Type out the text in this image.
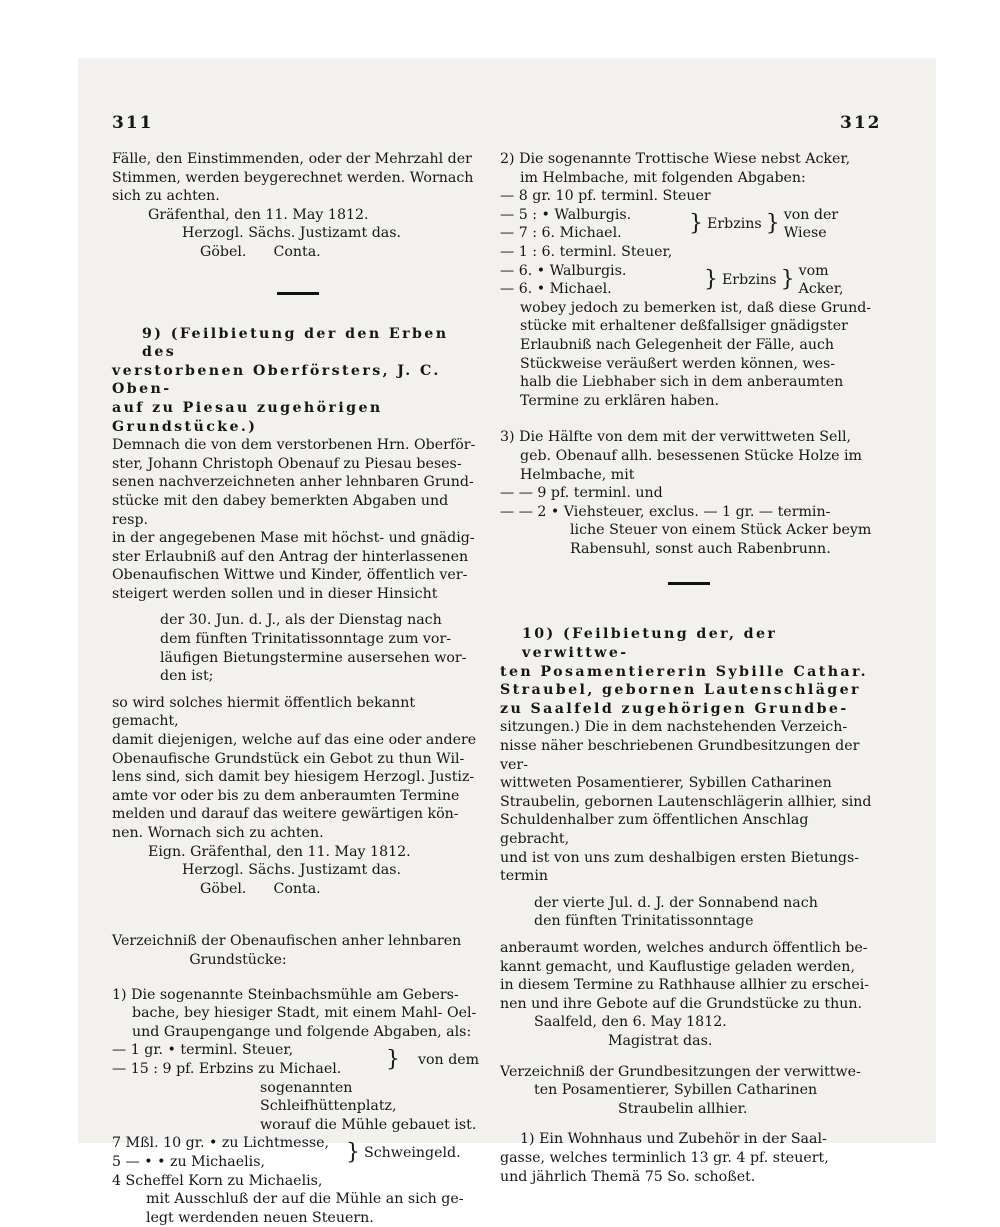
311	312
Fälle, den Einstimmenden, oder der Mehrzahl der
Stimmen, werden beygerechnet werden. Wornach
sich zu achten.
Gräfenthal, den 11. May 1812.
Herzogl. Sächs. Justizamt das.
Göbel.      Conta.
9) (Feilbietung der den Erben des
verstorbenen Oberförsters, J. C. Oben-
auf zu Piesau zugehörigen Grundstücke.)
Demnach die von dem verstorbenen Hrn. Oberför-
ster, Johann Christoph Obenauf zu Piesau beses-
senen nachverzeichneten anher lehnbaren Grund-
stücke mit den dabey bemerkten Abgaben und resp.
in der angegebenen Mase mit höchst- und gnädig-
ster Erlaubniß auf den Antrag der hinterlassenen
Obenaufischen Wittwe und Kinder, öffentlich ver-
steigert werden sollen und in dieser Hinsicht
der 30. Jun. d. J., als der Dienstag nach
dem fünften Trinitatissonntage zum vor-
läufigen Bietungstermine ausersehen wor-
den ist;
so wird solches hiermit öffentlich bekannt gemacht,
damit diejenigen, welche auf das eine oder andere
Obenaufische Grundstück ein Gebot zu thun Wil-
lens sind, sich damit bey hiesigem Herzogl. Justiz-
amte vor oder bis zu dem anberaumten Termine
melden und darauf das weitere gewärtigen kön-
nen. Wornach sich zu achten.
Eign. Gräfenthal, den 11. May 1812.
Herzogl. Sächs. Justizamt das.
Göbel.      Conta.
Verzeichniß der Obenaufischen anher lehnbaren
Grundstücke:
1) Die sogenannte Steinbachsmühle am Gebers-
bache, bey hiesiger Stadt, mit einem Mahl- Oel-
und Graupengange und folgende Abgaben, als:
— 1 gr. • terminl. Steuer,
— 15 : 9 pf. Erbzins zu Michael.	}	von dem
sogenannten Schleifhüttenplatz,
worauf die Mühle gebauet ist.
7 Mßl. 10 gr. • zu Lichtmesse,
5 — • • zu Michaelis,	} Schweingeld.
4 Scheffel Korn zu Michaelis,
mit Ausschluß der auf die Mühle an sich ge-
legt werdenden neuen Steuern.
2) Die sogenannte Trottische Wiese nebst Acker,
im Helmbache, mit folgenden Abgaben:
— 8 gr. 10 pf. terminl. Steuer
— 5 : • Walburgis.
— 7 : 6. Michael.	} Erbzins } von der Wiese
— 1 : 6. terminl. Steuer,
— 6. • Walburgis.
— 6. • Michael.	} Erbzins } vom Acker,
wobey jedoch zu bemerken ist, daß diese Grund-
stücke mit erhaltener deßfallsiger gnädigster
Erlaubniß nach Gelegenheit der Fälle, auch
Stückweise veräußert werden können, wes-
halb die Liebhaber sich in dem anberaumten
Termine zu erklären haben.
3) Die Hälfte von dem mit der verwittweten Sell,
geb. Obenauf allh. besessenen Stücke Holze im
Helmbache, mit
— — 9 pf. terminl. und
— — 2 • Viehsteuer, exclus. — 1 gr. — termin-
liche Steuer von einem Stück Acker beym
Rabensuhl, sonst auch Rabenbrunn.
10) (Feilbietung der, der verwittwe-
ten Posamentiererin Sybille Cathar.
Straubel, gebornen Lautenschläger
zu Saalfeld zugehörigen Grundbe-
sitzungen.) Die in dem nachstehenden Verzeich-
nisse näher beschriebenen Grundbesitzungen der ver-
wittweten Posamentierer, Sybillen Catharinen
Straubelin, gebornen Lautenschlägerin allhier, sind
Schuldenhalber zum öffentlichen Anschlag gebracht,
und ist von uns zum deshalbigen ersten Bietungs-
termin
der vierte Jul. d. J. der Sonnabend nach
den fünften Trinitatissonntage
anberaumt worden, welches andurch öffentlich be-
kannt gemacht, und Kauflustige geladen werden,
in diesem Termine zu Rathhause allhier zu erschei-
nen und ihre Gebote auf die Grundstücke zu thun.
Saalfeld, den 6. May 1812.
Magistrat das.
Verzeichniß der Grundbesitzungen der verwittwe-
ten Posamentierer, Sybillen Catharinen
Straubelin allhier.
1) Ein Wohnhaus und Zubehör in der Saal-
gasse, welches terminlich 13 gr. 4 pf. steuert,
und jährlich Themä 75 So. schoßet.
